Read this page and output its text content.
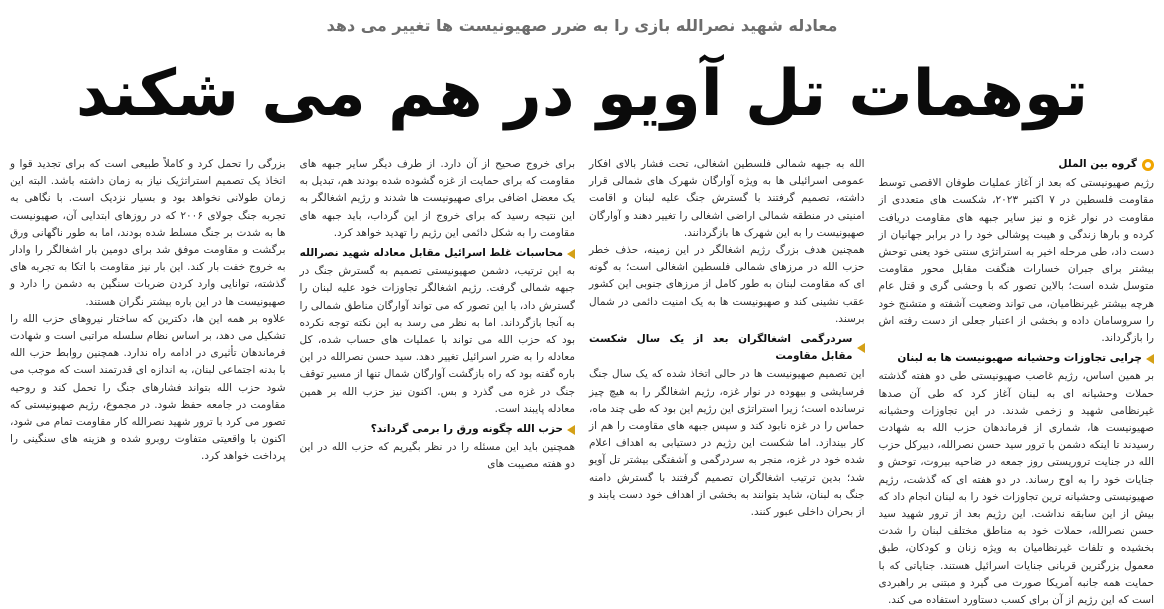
معادله شهید نصرالله بازی را به ضرر صهیونیست ها تغییر می دهد
توهمات تل آویو در هم می شکند
گروه بین الملل

رژیم صهیونیستی که بعد از آغاز عملیات طوفان الاقصی توسط مقاومت فلسطین در ۷ اکتبر ۲۰۲۳، شکست های متعددی از مقاومت در نوار غزه و نیز سایر جبهه های مقاومت دریافت کرده و بارها زندگی و هیبت پوشالی خود را در برابر جهانیان از دست داد، طی مرحله اخیر به استراتژی سنتی خود یعنی توحش بیشتر برای جبران خسارات هنگفت مقابل محور مقاومت متوسل شده است؛ بالاین تصور که با وحشی گری و قتل عام هرچه بیشتر غیرنظامیان، می تواند وضعیت آشفته و متشنج خود را سروسامان داده و بخشی از اعتبار جعلی از دست رفته اش را بازگرداند.

چرایی تجاوزات وحشیانه صهیونیست ها به لبنان

بر همین اساس، رژیم غاصب صهیونیستی طی دو هفته گذشته حملات وحشیانه ای به لبنان آغاز کرد که طی آن صدها غیرنظامی شهید و زخمی شدند. در این تجاوزات وحشیانه صهیونیست ها، شماری از فرماندهان حزب الله به شهادت رسیدند تا اینکه دشمن با ترور سید حسن نصرالله، دبیرکل حزب الله در جنایت تروریستی روز جمعه در ضاحیه بیروت، توحش و جنایات خود را به اوج رساند. در دو هفته ای که گذشت، رژیم صهیونیستی وحشیانه ترین تجاوزات خود را به لبنان انجام داد که بیش از این سابقه نداشت. این رژیم بعد از ترور شهید سید حسن نصرالله، حملات خود به مناطق مختلف لبنان را شدت بخشیده و تلفات غیرنظامیان به ویژه زنان و کودکان، طبق معمول بزرگترین قربانی جنایات اسرائیل هستند. جنایاتی که با حمایت همه جانبه آمریکا صورت می گیرد و مبتنی بر راهبردی است که این رژیم از آن برای کسب دستاورد استفاده می کند.

الله به جبهه شمالی فلسطین اشغالی، تحت فشار بالای افکار عمومی اسرائیلی ها به ویژه آوارگان شهرک های شمالی قرار داشته، تصمیم گرفتند با گسترش جنگ علیه لبنان و اقامت امنیتی در منطقه شمالی اراضی اشغالی را تغییر دهند و آوارگان صهیونیست را به این شهرک ها بازگردانند.

همچنین هدف بزرگ رژیم اشغالگر در این زمینه، حذف خطر حزب الله در مرزهای شمالی فلسطین اشغالی است؛ به گونه ای که مقاومت لبنان به طور کامل از مرزهای جنوبی این کشور عقب نشینی کند و صهیونیست ها به یک امنیت دائمی در شمال برسند.

سردرگمی اشغالگران بعد از یک سال شکست مقابل مقاومت

این تصمیم صهیونیست ها در حالی اتخاذ شده که یک سال جنگ فرسایشی و بیهوده در نوار غزه، رژیم اشغالگر را به هیچ چیز نرسانده است؛ زیرا استراتژی این رژیم این بود که طی چند ماه، حماس را در غزه نابود کند و سپس جبهه های مقاومت را هم از کار بیندازد. اما شکست این رژیم در دستیابی به اهداف اعلام شده خود در غزه، منجر به سردرگمی و آشفتگی بیشتر تل آویو شد؛ بدین ترتیب اشغالگران تصمیم گرفتند با گسترش دامنه جنگ به لبنان، شاید بتوانند به بخشی از اهداف خود دست یابند و از بحران داخلی عبور کنند.

برای خروج صحیح از آن دارد. از طرف دیگر سایر جبهه های مقاومت که برای حمایت از غزه گشوده شده بودند هم، تبدیل به یک معضل اضافی برای صهیونیست ها شدند و رژیم اشغالگر به این نتیجه رسید که برای خروج از این گرداب، باید جبهه های مقاومت را به شکل دائمی این رژیم را تهدید خواهد کرد.

محاسبات غلط اسرائیل مقابل معادله شهید نصرالله

به این ترتیب، دشمن صهیونیستی تصمیم به گسترش جنگ در جبهه شمالی گرفت. رژیم اشغالگر تجاوزات خود علیه لبنان را گسترش داد، با این تصور که می تواند آوارگان مناطق شمالی را به آنجا بازگرداند. اما به نظر می رسد به این نکته توجه نکرده بود که حزب الله می تواند با عملیات های حساب شده، کل معادله را به ضرر اسرائیل تغییر دهد. سید حسن نصرالله در این باره گفته بود که راه بازگشت آوارگان شمال تنها از مسیر توقف جنگ در غزه می گذرد و بس. اکنون نیز حزب الله بر همین معادله پایبند است.

حزب الله چگونه ورق را برمی گرداند؟

همچنین باید این مسئله را در نظر بگیریم که حزب الله در این دو هفته مصیبت های

بزرگی را تحمل کرد و کاملاً طبیعی است که برای تجدید قوا و اتخاذ یک تصمیم استراتژیک نیاز به زمان داشته باشد. البته این زمان طولانی نخواهد بود و بسیار نزدیک است. با نگاهی به تجربه جنگ جولای ۲۰۰۶ که در روزهای ابتدایی آن، صهیونیست ها به شدت بر جنگ مسلط شده بودند، اما به طور ناگهانی ورق برگشت و مقاومت موفق شد برای دومین بار اشغالگر را وادار به خروج خفت بار کند. این بار نیز مقاومت با اتکا به تجربه های گذشته، توانایی وارد کردن ضربات سنگین به دشمن را دارد و صهیونیست ها در این باره بیشتر نگران هستند.

علاوه بر همه این ها، دکترین که ساختار نیروهای حزب الله را تشکیل می دهد، بر اساس نظام سلسله مراتبی است و شهادت فرماندهان تأثیری در ادامه راه ندارد. همچنین روابط حزب الله با بدنه اجتماعی لبنان، به اندازه ای قدرتمند است که موجب می شود حزب الله بتواند فشارهای جنگ را تحمل کند و روحیه مقاومت در جامعه حفظ شود. در مجموع، رژیم صهیونیستی که تصور می کرد با ترور شهید نصرالله کار مقاومت تمام می شود، اکنون با واقعیتی متفاوت روبرو شده و هزینه های سنگینی را پرداخت خواهد کرد.
